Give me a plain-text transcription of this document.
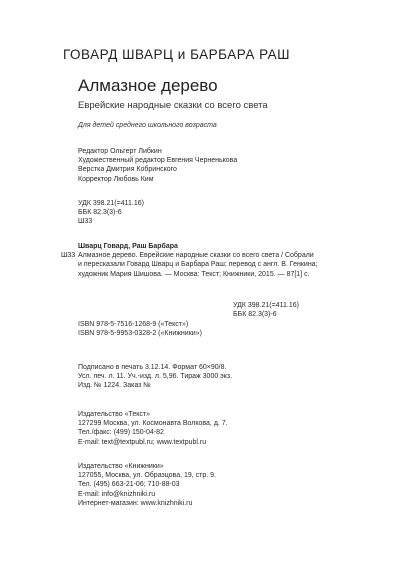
ГОВАРД ШВАРЦ и БАРБАРА РАШ
Алмазное дерево
Еврейские народные сказки со всего света
Для детей среднего школьного возраста
Редактор Ольгерт Либкин
Художественный редактор Евгения Черненькова
Верстка Дмитрия Кобринского
Корректор Любовь Ким
УДК 398.21(=411.16)
ББК 82.3(3)-6
Ш33
Ш33
Шварц Говард, Раш Барбара
Алмазное дерево. Еврейские народные сказки со всего света / Собрали
и пересказали Говард Шварц и Барбара Раш; перевод с англ. В. Генкина;
художник Мария Шишова. — Москва: Текст; Книжники, 2015. — 87[1] с.
УДК 398.21(=411.16)
ББК 82.3(3)-6
ISBN 978-5-7516-1268-9 («Текст»)
ISBN 978-5-9953-0328-2 («Книжники»)
Подписано в печать 3.12.14. Формат 60×90/8.
Усл. печ. л. 11. Уч.-изд. л. 5,96. Тираж 3000 экз.
Изд. № 1224. Заказ №
Издательство «Текст»
127299 Москва, ул. Космонавта Волкова, д. 7.
Тел./факс: (499) 150-04-82
E-mail: text@textpubl.ru; www.textpubl.ru
Издательство «Книжники»
127055, Москва, ул. Образцова, 19, стр. 9.
Тел. (495) 663-21-06; 710-88-03
E-mail: info@knizhniki.ru
Интернет-магазин: www.knizhniki.ru
